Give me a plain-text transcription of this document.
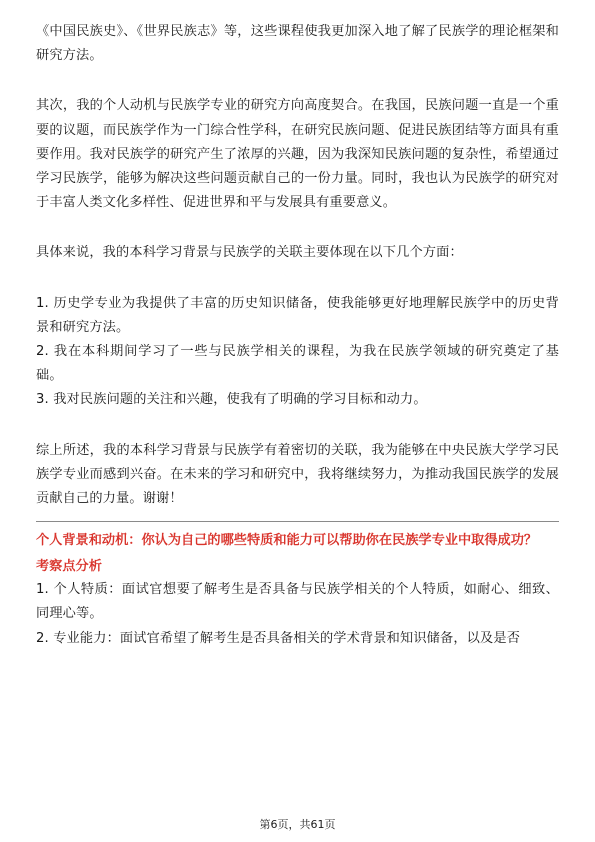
《中国民族史》、《世界民族志》等，这些课程使我更加深入地了解了民族学的理论框架和研究方法。

其次，我的个人动机与民族学专业的研究方向高度契合。在我国，民族问题一直是一个重要的议题，而民族学作为一门综合性学科，在研究民族问题、促进民族团结等方面具有重要作用。我对民族学的研究产生了浓厚的兴趣，因为我深知民族问题的复杂性，希望通过学习民族学，能够为解决这些问题贡献自己的一份力量。同时，我也认为民族学的研究对于丰富人类文化多样性、促进世界和平与发展具有重要意义。

具体来说，我的本科学习背景与民族学的关联主要体现在以下几个方面：

1. 历史学专业为我提供了丰富的历史知识储备，使我能够更好地理解民族学中的历史背景和研究方法。

2. 我在本科期间学习了一些与民族学相关的课程，为我在民族学领域的研究奠定了基础。

3. 我对民族问题的关注和兴趣，使我有了明确的学习目标和动力。

综上所述，我的本科学习背景与民族学有着密切的关联，我为能够在中央民族大学学习民族学专业而感到兴奋。在未来的学习和研究中，我将继续努力，为推动我国民族学的发展贡献自己的力量。谢谢！

个人背景和动机：你认为自己的哪些特质和能力可以帮助你在民族学专业中取得成功？

考察点分析

1. 个人特质：面试官想要了解考生是否具备与民族学相关的个人特质，如耐心、细致、同理心等。

2. 专业能力：面试官希望了解考生是否具备相关的学术背景和知识储备，以及是否

第6页，共61页
